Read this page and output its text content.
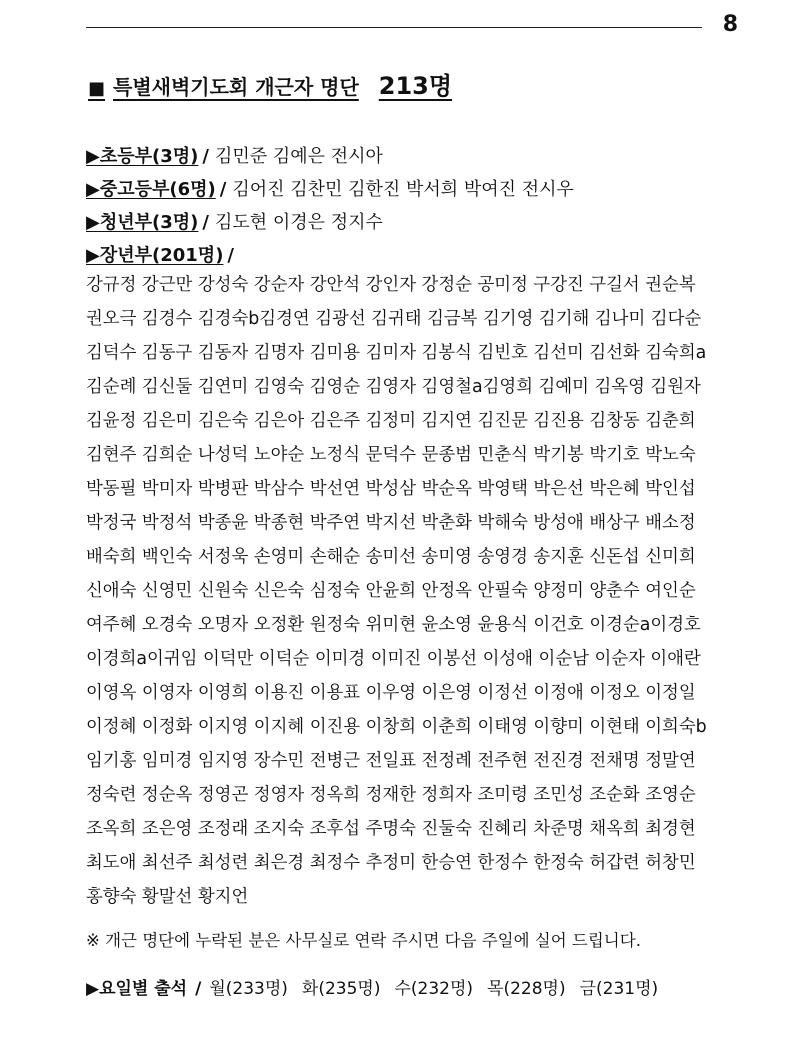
8
■ 특별새벽기도회 개근자 명단 213명
▶초등부(3명) / 김민준 김예은 전시아
▶중고등부(6명) / 김어진 김찬민 김한진 박서희 박여진 전시우
▶청년부(3명) / 김도현 이경은 정지수
▶장년부(201명) /
강규정 강근만 강성숙 강순자 강안석 강인자 강정순 공미정 구강진 구길서 권순복
권오극 김경수 김경숙b김경연 김광선 김귀태 김금복 김기영 김기해 김나미 김다순
김덕수 김동구 김동자 김명자 김미용 김미자 김봉식 김빈호 김선미 김선화 김숙희a
김순례 김신둘 김연미 김영숙 김영순 김영자 김영철a김영희 김예미 김옥영 김원자
김윤정 김은미 김은숙 김은아 김은주 김정미 김지연 김진문 김진용 김창동 김춘희
김현주 김희순 나성덕 노야순 노정식 문덕수 문종범 민춘식 박기봉 박기호 박노숙
박동필 박미자 박병판 박삼수 박선연 박성삼 박순옥 박영택 박은선 박은혜 박인섭
박정국 박정석 박종윤 박종현 박주연 박지선 박춘화 박해숙 방성애 배상구 배소정
배숙희 백인숙 서정욱 손영미 손해순 송미선 송미영 송영경 송지훈 신돈섭 신미희
신애숙 신영민 신원숙 신은숙 심정숙 안윤희 안정옥 안필숙 양정미 양춘수 여인순
여주혜 오경숙 오명자 오정환 원정숙 위미현 윤소영 윤용식 이건호 이경순a이경호
이경희a이귀임 이덕만 이덕순 이미경 이미진 이봉선 이성애 이순남 이순자 이애란
이영옥 이영자 이영희 이용진 이용표 이우영 이은영 이정선 이정애 이정오 이정일
이정혜 이정화 이지영 이지혜 이진용 이창희 이춘희 이태영 이향미 이현태 이희숙b
임기홍 임미경 임지영 장수민 전병근 전일표 전정례 전주현 전진경 전채명 정말연
정숙련 정순옥 정영곤 정영자 정옥희 정재한 정희자 조미령 조민성 조순화 조영순
조옥희 조은영 조정래 조지숙 조후섭 주명숙 진둘숙 진혜리 차준명 채옥희 최경현
최도애 최선주 최성련 최은경 최정수 추정미 한승연 한정수 한정숙 허갑련 허창민
홍향숙 황말선 황지언
※ 개근 명단에 누락된 분은 사무실로 연락 주시면 다음 주일에 실어 드립니다.
▶요일별 출석 / 월(233명) 화(235명) 수(232명) 목(228명) 금(231명)
